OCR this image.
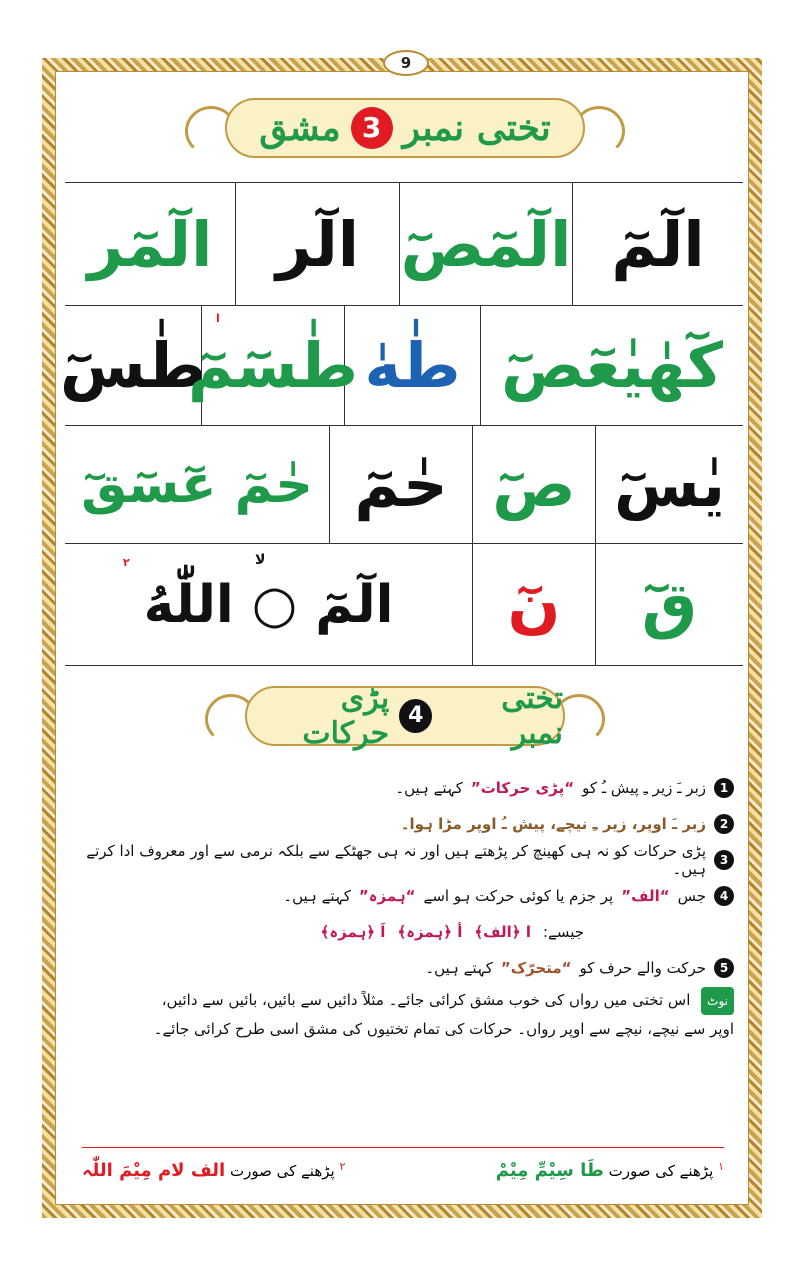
9
تختی نمبر
3
مشق
الٓمٓ
الٓمٓصٓ
الٓر
الٓمٓر
كٓهٰيٰعٓصٓ
طٰهٰ
طٰسٓمٓ
ا
طٰسٓ
يٰسٓ
صٓ
حٰمٓ
حٰمٓ عٓسٓقٓ
قٓ
نٓ
الٓمٓ ○ اللّٰهُ
لا
۲
تختی نمبر
4
پڑی حرکات
1
زبر ـَ زیر ـِ پیش ـُ کو
“پڑی حرکات”
کہتے ہیں۔
2
زبر ـَ اوپر، زیر ـِ نیچے، پیش ـُ اوپر مڑا ہوا۔
3
پڑی حرکات کو نہ ہی کھینچ کر پڑھتے ہیں اور نہ ہی جھٹکے سے بلکہ نرمی سے اور معروف ادا کرتے ہیں۔
4
جس
“الف”
پر جزم یا کوئی حرکت ہو اسے
“ہمزہ”
کہتے ہیں۔
جیسے:
ا ﴿الف﴾
أ ﴿ہمزہ﴾
اَ ﴿ہمزہ﴾
5
حرکت والے حرف کو
“متحرّک”
کہتے ہیں۔
نوٹ اس تختی میں رواں کی خوب مشق کرائی جائے۔ مثلاً دائیں سے بائیں، بائیں سے دائیں،
اوپر سے نیچے، نیچے سے اوپر رواں۔ حرکات کی تمام تختیوں کی مشق اسی طرح کرائی جائے۔
$^۱$ پڑھنے کی صورت طَا سِيْمِّ مِيْمْ
$^۲$ پڑھنے کی صورت الف لام مِيْمَ اللّٰہ
